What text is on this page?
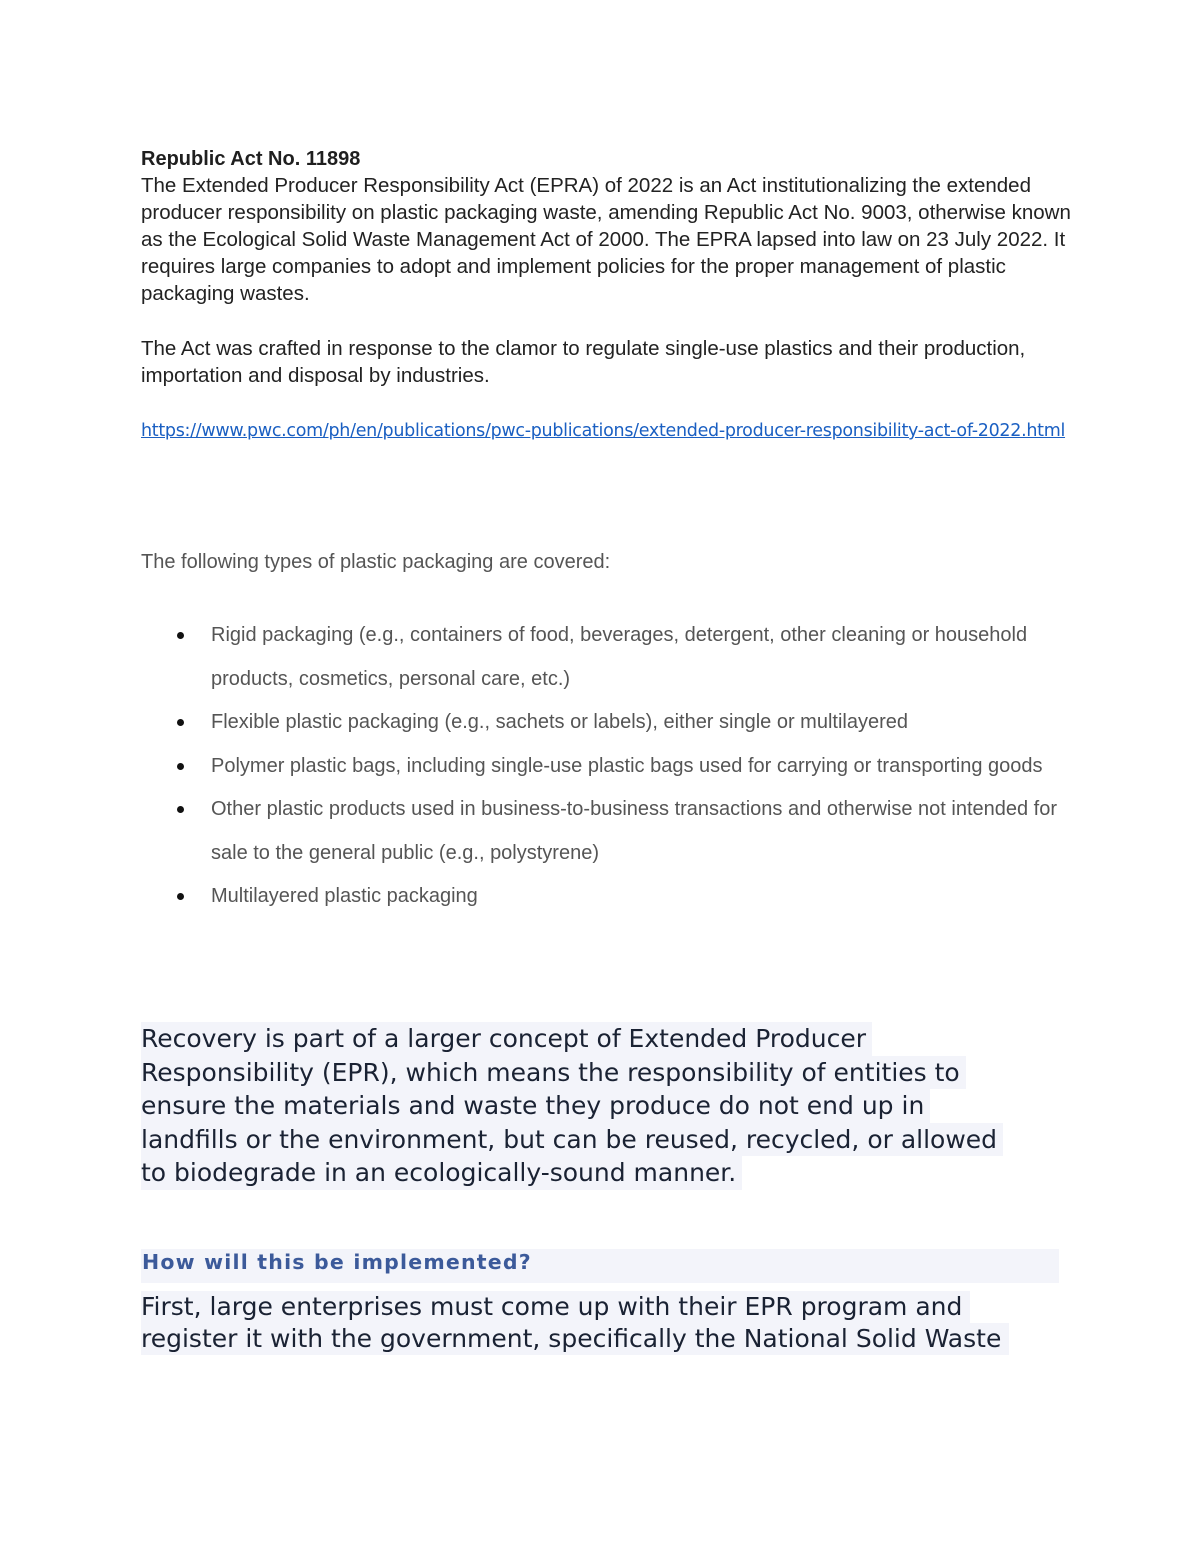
Republic Act No. 11898

The Extended Producer Responsibility Act (EPRA) of 2022 is an Act institutionalizing the extended producer responsibility on plastic packaging waste, amending Republic Act No. 9003, otherwise known as the Ecological Solid Waste Management Act of 2000. The EPRA lapsed into law on 23 July 2022. It requires large companies to adopt and implement policies for the proper management of plastic packaging wastes.

The Act was crafted in response to the clamor to regulate single-use plastics and their production, importation and disposal by industries.

https://www.pwc.com/ph/en/publications/pwc-publications/extended-producer-responsibility-act-of-2022.html
The following types of plastic packaging are covered:
Rigid packaging (e.g., containers of food, beverages, detergent, other cleaning or household products, cosmetics, personal care, etc.)
Flexible plastic packaging (e.g., sachets or labels), either single or multilayered
Polymer plastic bags, including single-use plastic bags used for carrying or transporting goods
Other plastic products used in business-to-business transactions and otherwise not intended for sale to the general public (e.g., polystyrene)
Multilayered plastic packaging
Recovery is part of a larger concept of Extended Producer
Responsibility (EPR), which means the responsibility of entities to
ensure the materials and waste they produce do not end up in
landfills or the environment, but can be reused, recycled, or allowed
to biodegrade in an ecologically-sound manner.
How will this be implemented?
First, large enterprises must come up with their EPR program and
register it with the government, specifically the National Solid Waste
